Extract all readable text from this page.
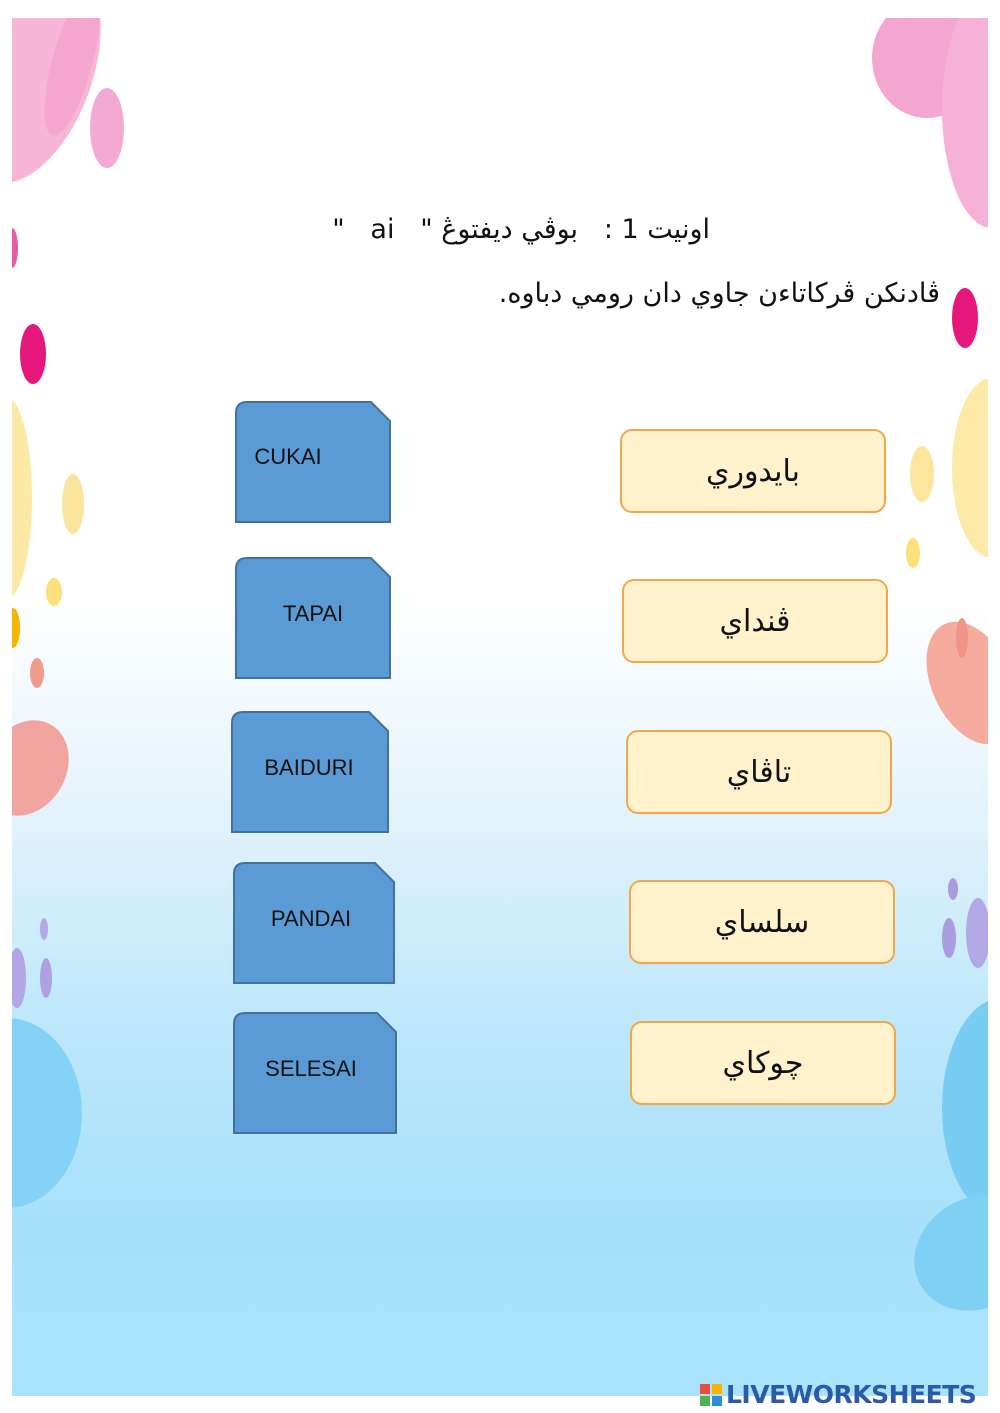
اونيت 1 :   بوڤي ديفتوڠ "   ai   "
ڤادنكن ڤركاتاءن جاوي دان رومي دباوه.
CUKAI
TAPAI
BAIDURI
PANDAI
SELESAI
بايدوري
ڤنداي
تاڤاي
سلساي
چوكاي
LIVEWORKSHEETS
